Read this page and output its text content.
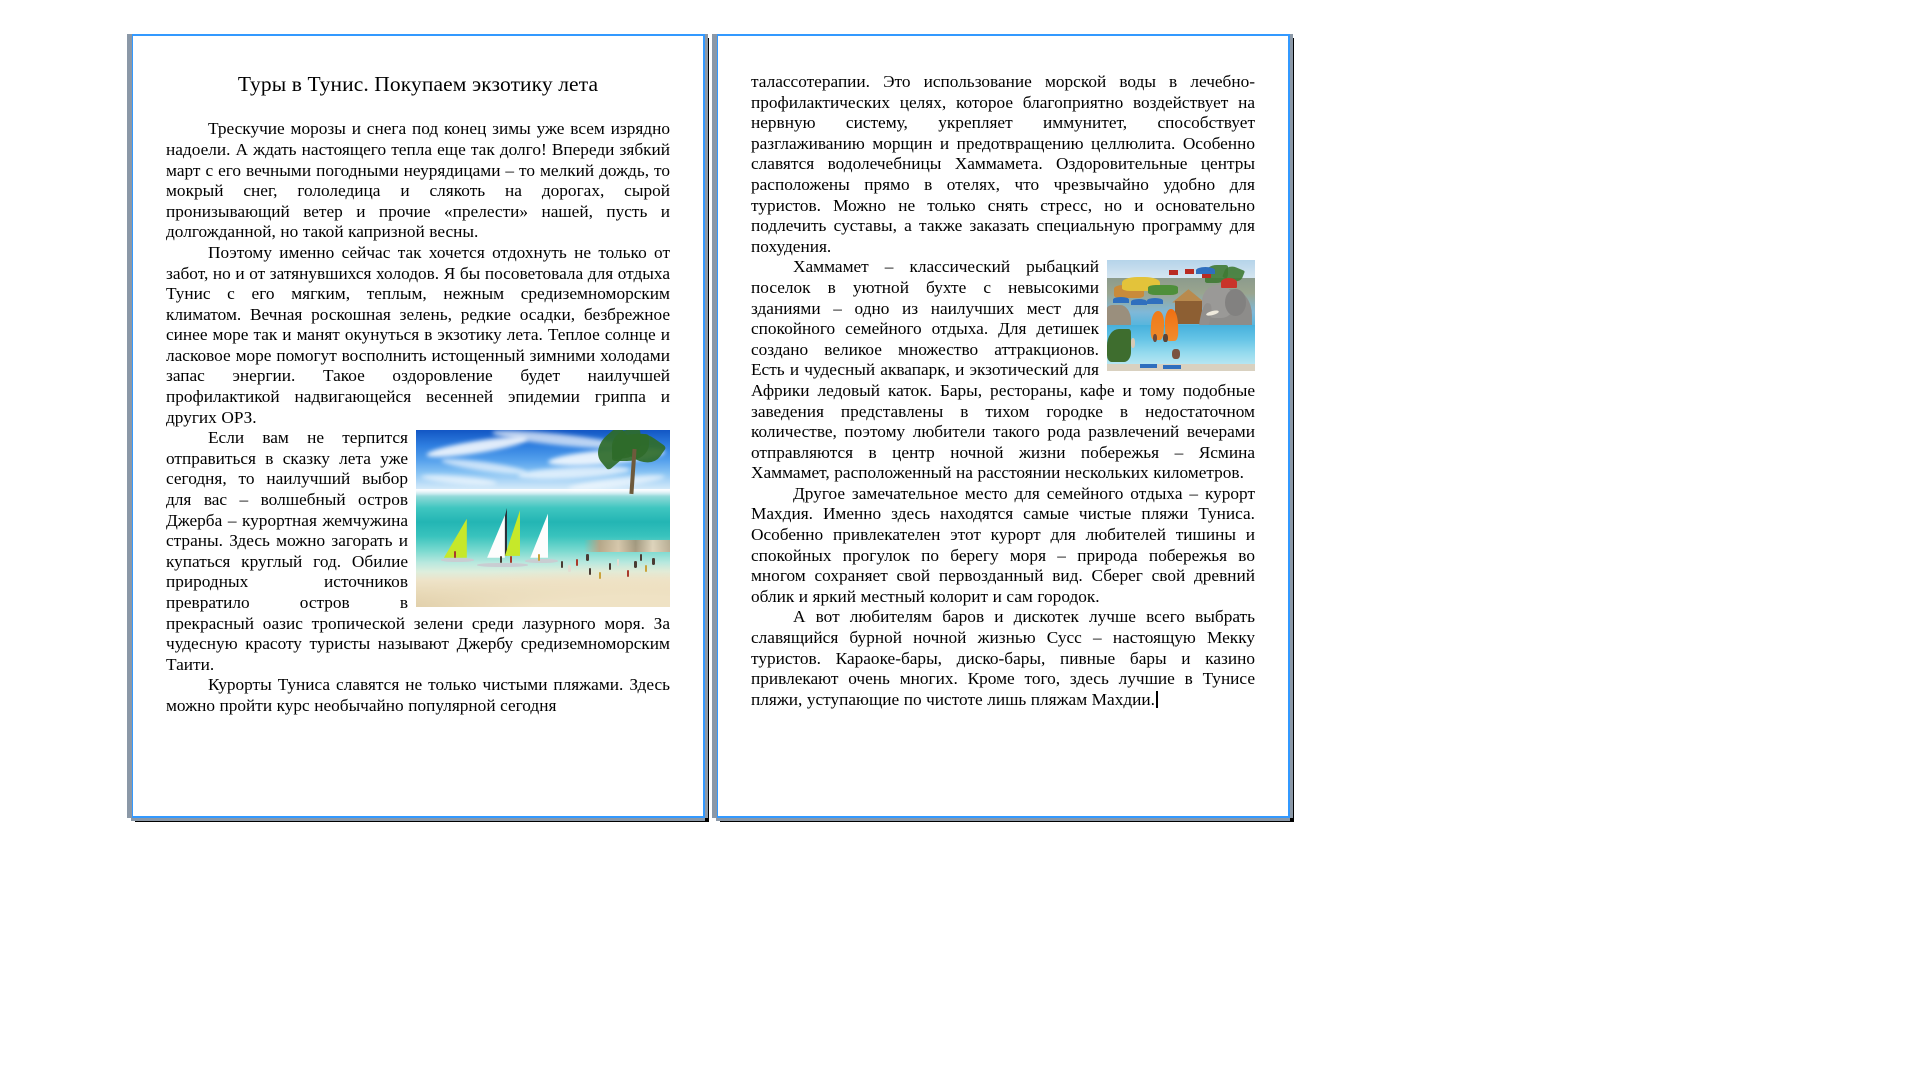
Туры в Тунис. Покупаем экзотику лета

Трескучие морозы и снега под конец зимы уже всем изрядно надоели. А ждать настоящего тепла еще так долго! Впереди зябкий март с его вечными погодными неурядицами – то мелкий дождь, то мокрый снег, гололедица и слякоть на дорогах, сырой пронизывающий ветер и прочие «прелести» нашей, пусть и долгожданной, но такой капризной весны.

Поэтому именно сейчас так хочется отдохнуть не только от забот, но и от затянувшихся холодов. Я бы посоветовала для отдыха Тунис с его мягким, теплым, нежным средиземноморским климатом. Вечная роскошная зелень, редкие осадки, безбрежное синее море так и манят окунуться в экзотику лета. Теплое солнце и ласковое море помогут восполнить истощенный зимними холодами запас энергии. Такое оздоровление будет наилучшей профилактикой надвигающейся весенней эпидемии гриппа и других ОРЗ.

Если вам не терпится отправиться в сказку лета уже сегодня, то наилучший выбор для вас – волшебный остров Джерба – курортная жемчужина страны. Здесь можно загорать и купаться круглый год. Обилие природных источников превратило остров в прекрасный оазис тропической зелени среди лазурного моря. За чудесную красоту туристы называют Джербу средиземноморским Таити.

Курорты Туниса славятся не только чистыми пляжами. Здесь можно пройти курс необычайно популярной сегодня

талассотерапии. Это использование морской воды в лечебно-профилактических целях, которое благоприятно воздействует на нервную систему, укрепляет иммунитет, способствует разглаживанию морщин и предотвращению целлюлита. Особенно славятся водолечебницы Хаммамета. Оздоровительные центры расположены прямо в отелях, что чрезвычайно удобно для туристов. Можно не только снять стресс, но и основательно подлечить суставы, а также заказать специальную программу для похудения.

Хаммамет – классический рыбацкий поселок в уютной бухте с невысокими зданиями – одно из наилучших мест для спокойного семейного отдыха. Для детишек создано великое множество аттракционов. Есть и чудесный аквапарк, и экзотический для Африки ледовый каток. Бары, рестораны, кафе и тому подобные заведения представлены в тихом городке в недостаточном количестве, поэтому любители такого рода развлечений вечерами отправляются в центр ночной жизни побережья – Ясмина Хаммамет, расположенный на расстоянии нескольких километров.

Другое замечательное место для семейного отдыха – курорт Махдия. Именно здесь находятся самые чистые пляжи Туниса. Особенно привлекателен этот курорт для любителей тишины и спокойных прогулок по берегу моря – природа побережья во многом сохраняет свой первозданный вид. Сберег свой древний облик и яркий местный колорит и сам городок.

А вот любителям баров и дискотек лучше всего выбрать славящийся бурной ночной жизнью Сусс – настоящую Мекку туристов. Караоке-бары, диско-бары, пивные бары и казино привлекают очень многих. Кроме того, здесь лучшие в Тунисе пляжи, уступающие по чистоте лишь пляжам Махдии.
